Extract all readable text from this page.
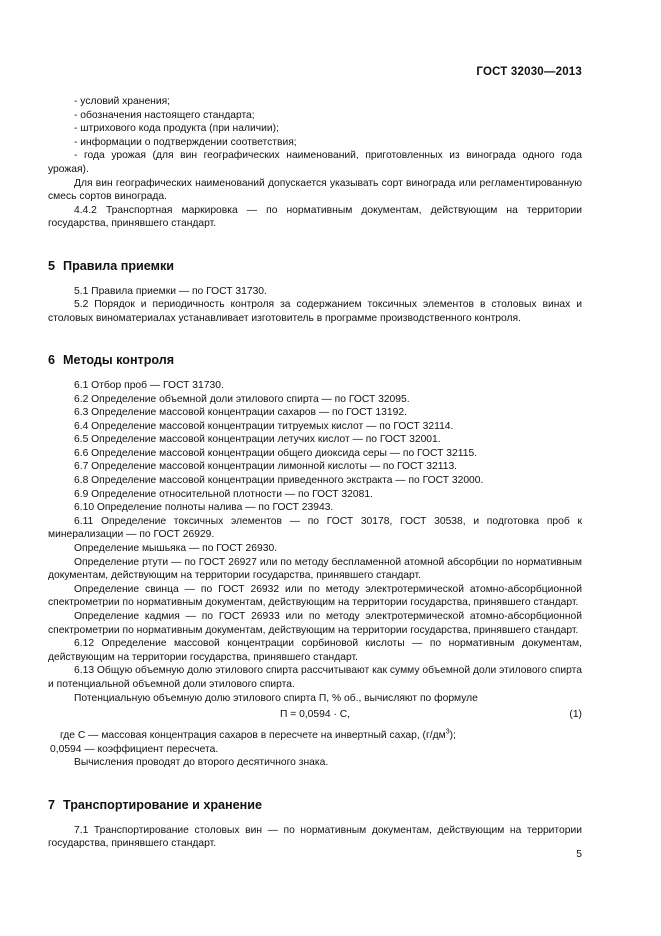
ГОСТ 32030—2013

- условий хранения;

- обозначения настоящего стандарта;

- штрихового кода продукта (при наличии);

- информации о подтверждении соответствия;

- года урожая (для вин географических наименований, приготовленных из винограда одного года урожая).

Для вин географических наименований допускается указывать сорт винограда или регламентированную смесь сортов винограда.

4.4.2 Транспортная маркировка — по нормативным документам, действующим на территории государства, принявшего стандарт.

5 Правила приемки

5.1 Правила приемки — по ГОСТ 31730.

5.2 Порядок и периодичность контроля за содержанием токсичных элементов в столовых винах и столовых виноматериалах устанавливает изготовитель в программе производственного контроля.

6 Методы контроля

6.1 Отбор проб — ГОСТ 31730.

6.2 Определение объемной доли этилового спирта — по ГОСТ 32095.

6.3 Определение массовой концентрации сахаров — по ГОСТ 13192.

6.4 Определение массовой концентрации титруемых кислот — по ГОСТ 32114.

6.5 Определение массовой концентрации летучих кислот — по ГОСТ 32001.

6.6 Определение массовой концентрации общего диоксида серы — по ГОСТ 32115.

6.7 Определение массовой концентрации лимонной кислоты — по ГОСТ 32113.

6.8 Определение массовой концентрации приведенного экстракта — по ГОСТ 32000.

6.9 Определение относительной плотности — по ГОСТ 32081.

6.10 Определение полноты налива — по ГОСТ 23943.

6.11 Определение токсичных элементов — по ГОСТ 30178, ГОСТ 30538, и подготовка проб к минерализации — по ГОСТ 26929.

Определение мышьяка — по ГОСТ 26930.

Определение ртути — по ГОСТ 26927 или по методу беспламенной атомной абсорбции по нормативным документам, действующим на территории государства, принявшего стандарт.

Определение свинца — по ГОСТ 26932 или по методу электротермической атомно-абсорбционной спектрометрии по нормативным документам, действующим на территории государства, принявшего стандарт.

Определение кадмия — по ГОСТ 26933 или по методу электротермической атомно-абсорбционной спектрометрии по нормативным документам, действующим на территории государства, принявшего стандарт.

6.12 Определение массовой концентрации сорбиновой кислоты — по нормативным документам, действующим на территории государства, принявшего стандарт.

6.13 Общую объемную долю этилового спирта рассчитывают как сумму объемной доли этилового спирта и потенциальной объемной доли этилового спирта.

Потенциальную объемную долю этилового спирта П, % об., вычисляют по формуле

П = 0,0594 · С,	(1)

где С — массовая концентрация сахаров в пересчете на инвертный сахар, $(г/дм^3)$;

0,0594 — коэффициент пересчета.

Вычисления проводят до второго десятичного знака.

7 Транспортирование и хранение

7.1 Транспортирование столовых вин — по нормативным документам, действующим на территории государства, принявшего стандарт.

5
